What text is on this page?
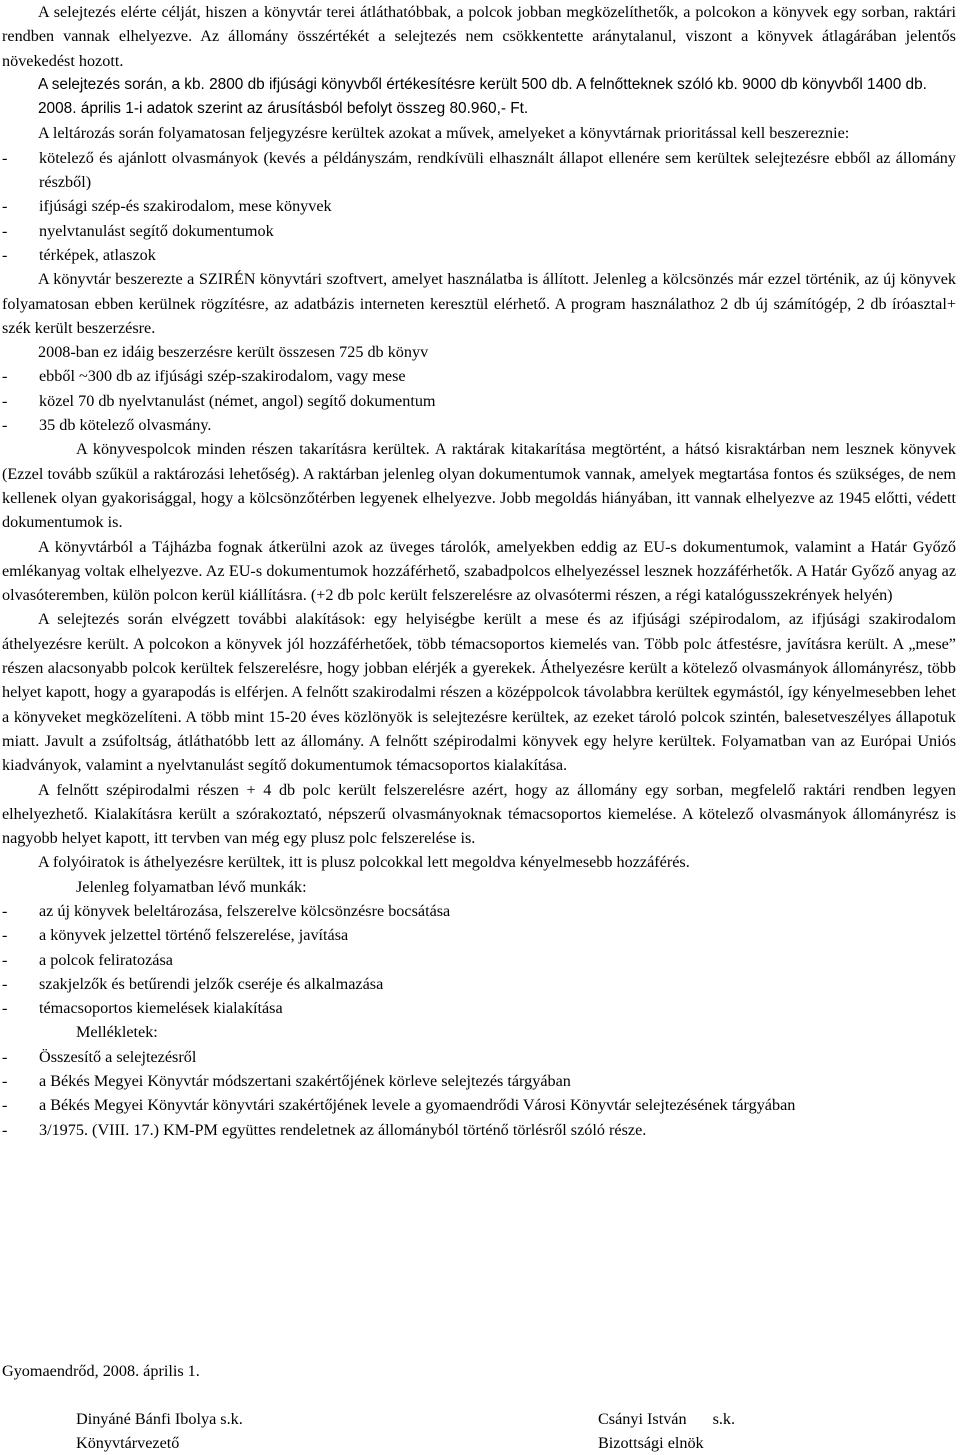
A selejtezés elérte célját, hiszen a könyvtár terei átláthatóbbak, a polcok jobban megközelíthetők, a polcokon a könyvek egy sorban, raktári rendben vannak elhelyezve. Az állomány összértékét a selejtezés nem csökkentette aránytalanul, viszont a könyvek átlagárában jelentős növekedést hozott.

A selejtezés során, a kb. 2800 db ifjúsági könyvből értékesítésre került 500 db. A felnőtteknek szóló kb. 9000 db könyvből 1400 db.

2008. április 1-i adatok szerint az árusításból befolyt összeg 80.960,- Ft.

A leltározás során folyamatosan feljegyzésre kerültek azokat a művek, amelyeket a könyvtárnak prioritással kell beszereznie:

-	kötelező és ajánlott olvasmányok (kevés a példányszám, rendkívüli elhasznált állapot ellenére sem kerültek selejtezésre ebből az állomány részből)
-	ifjúsági szép-és szakirodalom, mese könyvek
-	nyelvtanulást segítő dokumentumok
-	térképek, atlaszok

A könyvtár beszerezte a SZIRÉN könyvtári szoftvert, amelyet használatba is állított. Jelenleg a kölcsönzés már ezzel történik, az új könyvek folyamatosan ebben kerülnek rögzítésre, az adatbázis interneten keresztül elérhető. A program használathoz 2 db új számítógép, 2 db íróasztal+ szék került beszerzésre.

2008-ban ez idáig beszerzésre került összesen 725 db könyv

-	ebből ~300 db az ifjúsági szép-szakirodalom, vagy mese
-	közel 70 db nyelvtanulást (német, angol) segítő dokumentum
-	35 db kötelező olvasmány.

A könyvespolcok minden részen takarításra kerültek. A raktárak kitakarítása megtörtént, a hátsó kisraktárban nem lesznek könyvek (Ezzel tovább szűkül a raktározási lehetőség). A raktárban jelenleg olyan dokumentumok vannak, amelyek megtartása fontos és szükséges, de nem kellenek olyan gyakorisággal, hogy a kölcsönzőtérben legyenek elhelyezve. Jobb megoldás hiányában, itt vannak elhelyezve az 1945 előtti, védett dokumentumok is.

A könyvtárból a Tájházba fognak átkerülni azok az üveges tárolók, amelyekben eddig az EU-s dokumentumok, valamint a Határ Győző emlékanyag voltak elhelyezve. Az EU-s dokumentumok hozzáférhető, szabadpolcos elhelyezéssel lesznek hozzáférhetők. A Határ Győző anyag az olvasóteremben, külön polcon kerül kiállításra. (+2 db polc került felszerelésre az olvasótermi részen, a régi katalógusszekrények helyén)

A selejtezés során elvégzett további alakítások: egy helyiségbe került a mese és az ifjúsági szépirodalom, az ifjúsági szakirodalom áthelyezésre került. A polcokon a könyvek jól hozzáférhetőek, több témacsoportos kiemelés van. Több polc átfestésre, javításra került. A „mese” részen alacsonyabb polcok kerültek felszerelésre, hogy jobban elérjék a gyerekek. Áthelyezésre került a kötelező olvasmányok állományrész, több helyet kapott, hogy a gyarapodás is elférjen. A felnőtt szakirodalmi részen a középpolcok távolabbra kerültek egymástól, így kényelmesebben lehet a könyveket megközelíteni. A több mint 15-20 éves közlönyök is selejtezésre kerültek, az ezeket tároló polcok szintén, balesetveszélyes állapotuk miatt. Javult a zsúfoltság, átláthatóbb lett az állomány. A felnőtt szépirodalmi könyvek egy helyre kerültek. Folyamatban van az Európai Uniós kiadványok, valamint a nyelvtanulást segítő dokumentumok témacsoportos kialakítása.

A felnőtt szépirodalmi részen + 4 db polc került felszerelésre azért, hogy az állomány egy sorban, megfelelő raktári rendben legyen elhelyezhető. Kialakításra került a szórakoztató, népszerű olvasmányoknak témacsoportos kiemelése. A kötelező olvasmányok állományrész is nagyobb helyet kapott, itt tervben van még egy plusz polc felszerelése is.

A folyóiratok is áthelyezésre kerültek, itt is plusz polcokkal lett megoldva kényelmesebb hozzáférés.

Jelenleg folyamatban lévő munkák:

-	az új könyvek beleltározása, felszerelve kölcsönzésre bocsátása
-	a könyvek jelzettel történő felszerelése, javítása
-	a polcok feliratozása
-	szakjelzők és betűrendi jelzők cseréje és alkalmazása
-	témacsoportos kiemelések kialakítása

Mellékletek:

-	Összesítő a selejtezésről
-	a Békés Megyei Könyvtár módszertani szakértőjének körleve selejtezés tárgyában
-	a Békés Megyei Könyvtár könyvtári szakértőjének levele a gyomaendrődi Városi Könyvtár selejtezésének tárgyában
-	3/1975. (VIII. 17.) KM-PM együttes rendeletnek az állományból történő törlésről szóló része.
Gyomaendrőd, 2008. április 1.
Dinyáné Bánfi Ibolya s.k.
Könyvtárvezető
Csányi István s.k.
Bizottsági elnök
